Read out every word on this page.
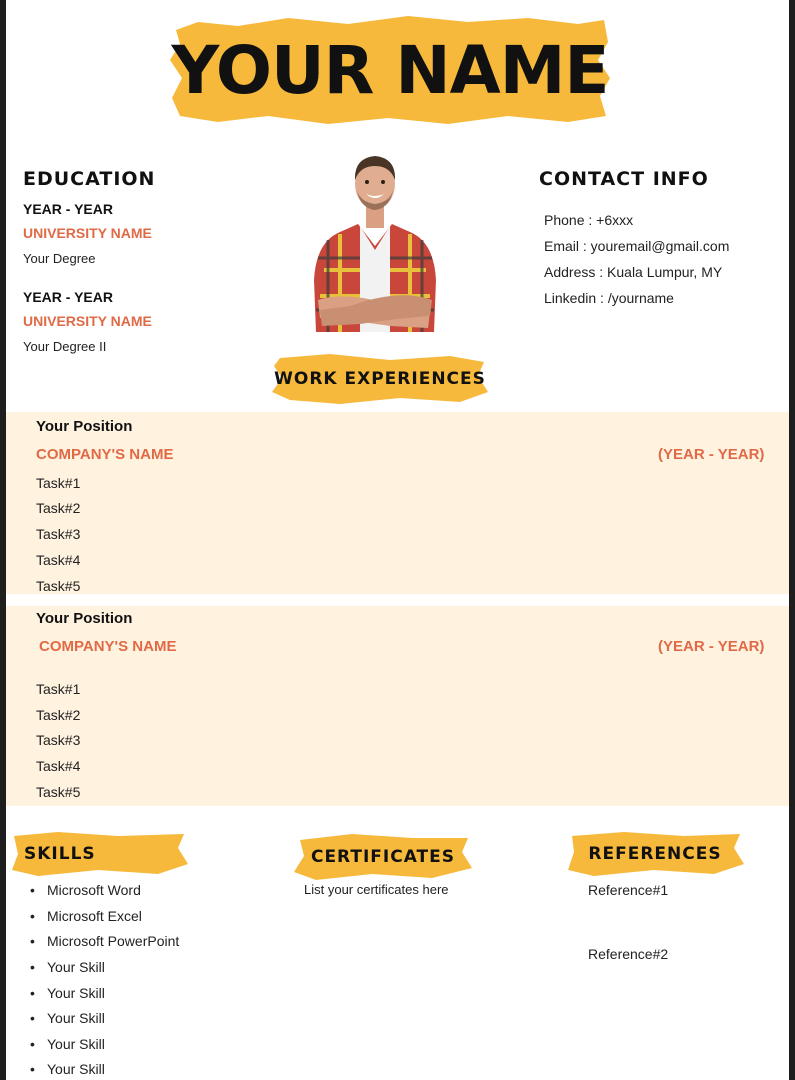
YOUR NAME
EDUCATION
YEAR - YEAR
UNIVERSITY NAME
Your Degree
YEAR - YEAR
UNIVERSITY NAME
Your Degree II
CONTACT INFO
Phone : +6xxx
Email : youremail@gmail.com
Address : Kuala Lumpur, MY
Linkedin : /yourname
WORK EXPERIENCES
Your Position
COMPANY'S NAME	(YEAR - YEAR)
Task#1
Task#2
Task#3
Task#4
Task#5
Your Position
COMPANY'S NAME	(YEAR - YEAR)
Task#1
Task#2
Task#3
Task#4
Task#5
SKILLS
• Microsoft Word
• Microsoft Excel
• Microsoft PowerPoint
• Your Skill
• Your Skill
• Your Skill
• Your Skill
• Your Skill
CERTIFICATES
List your certificates here
REFERENCES
Reference#1
Reference#2
